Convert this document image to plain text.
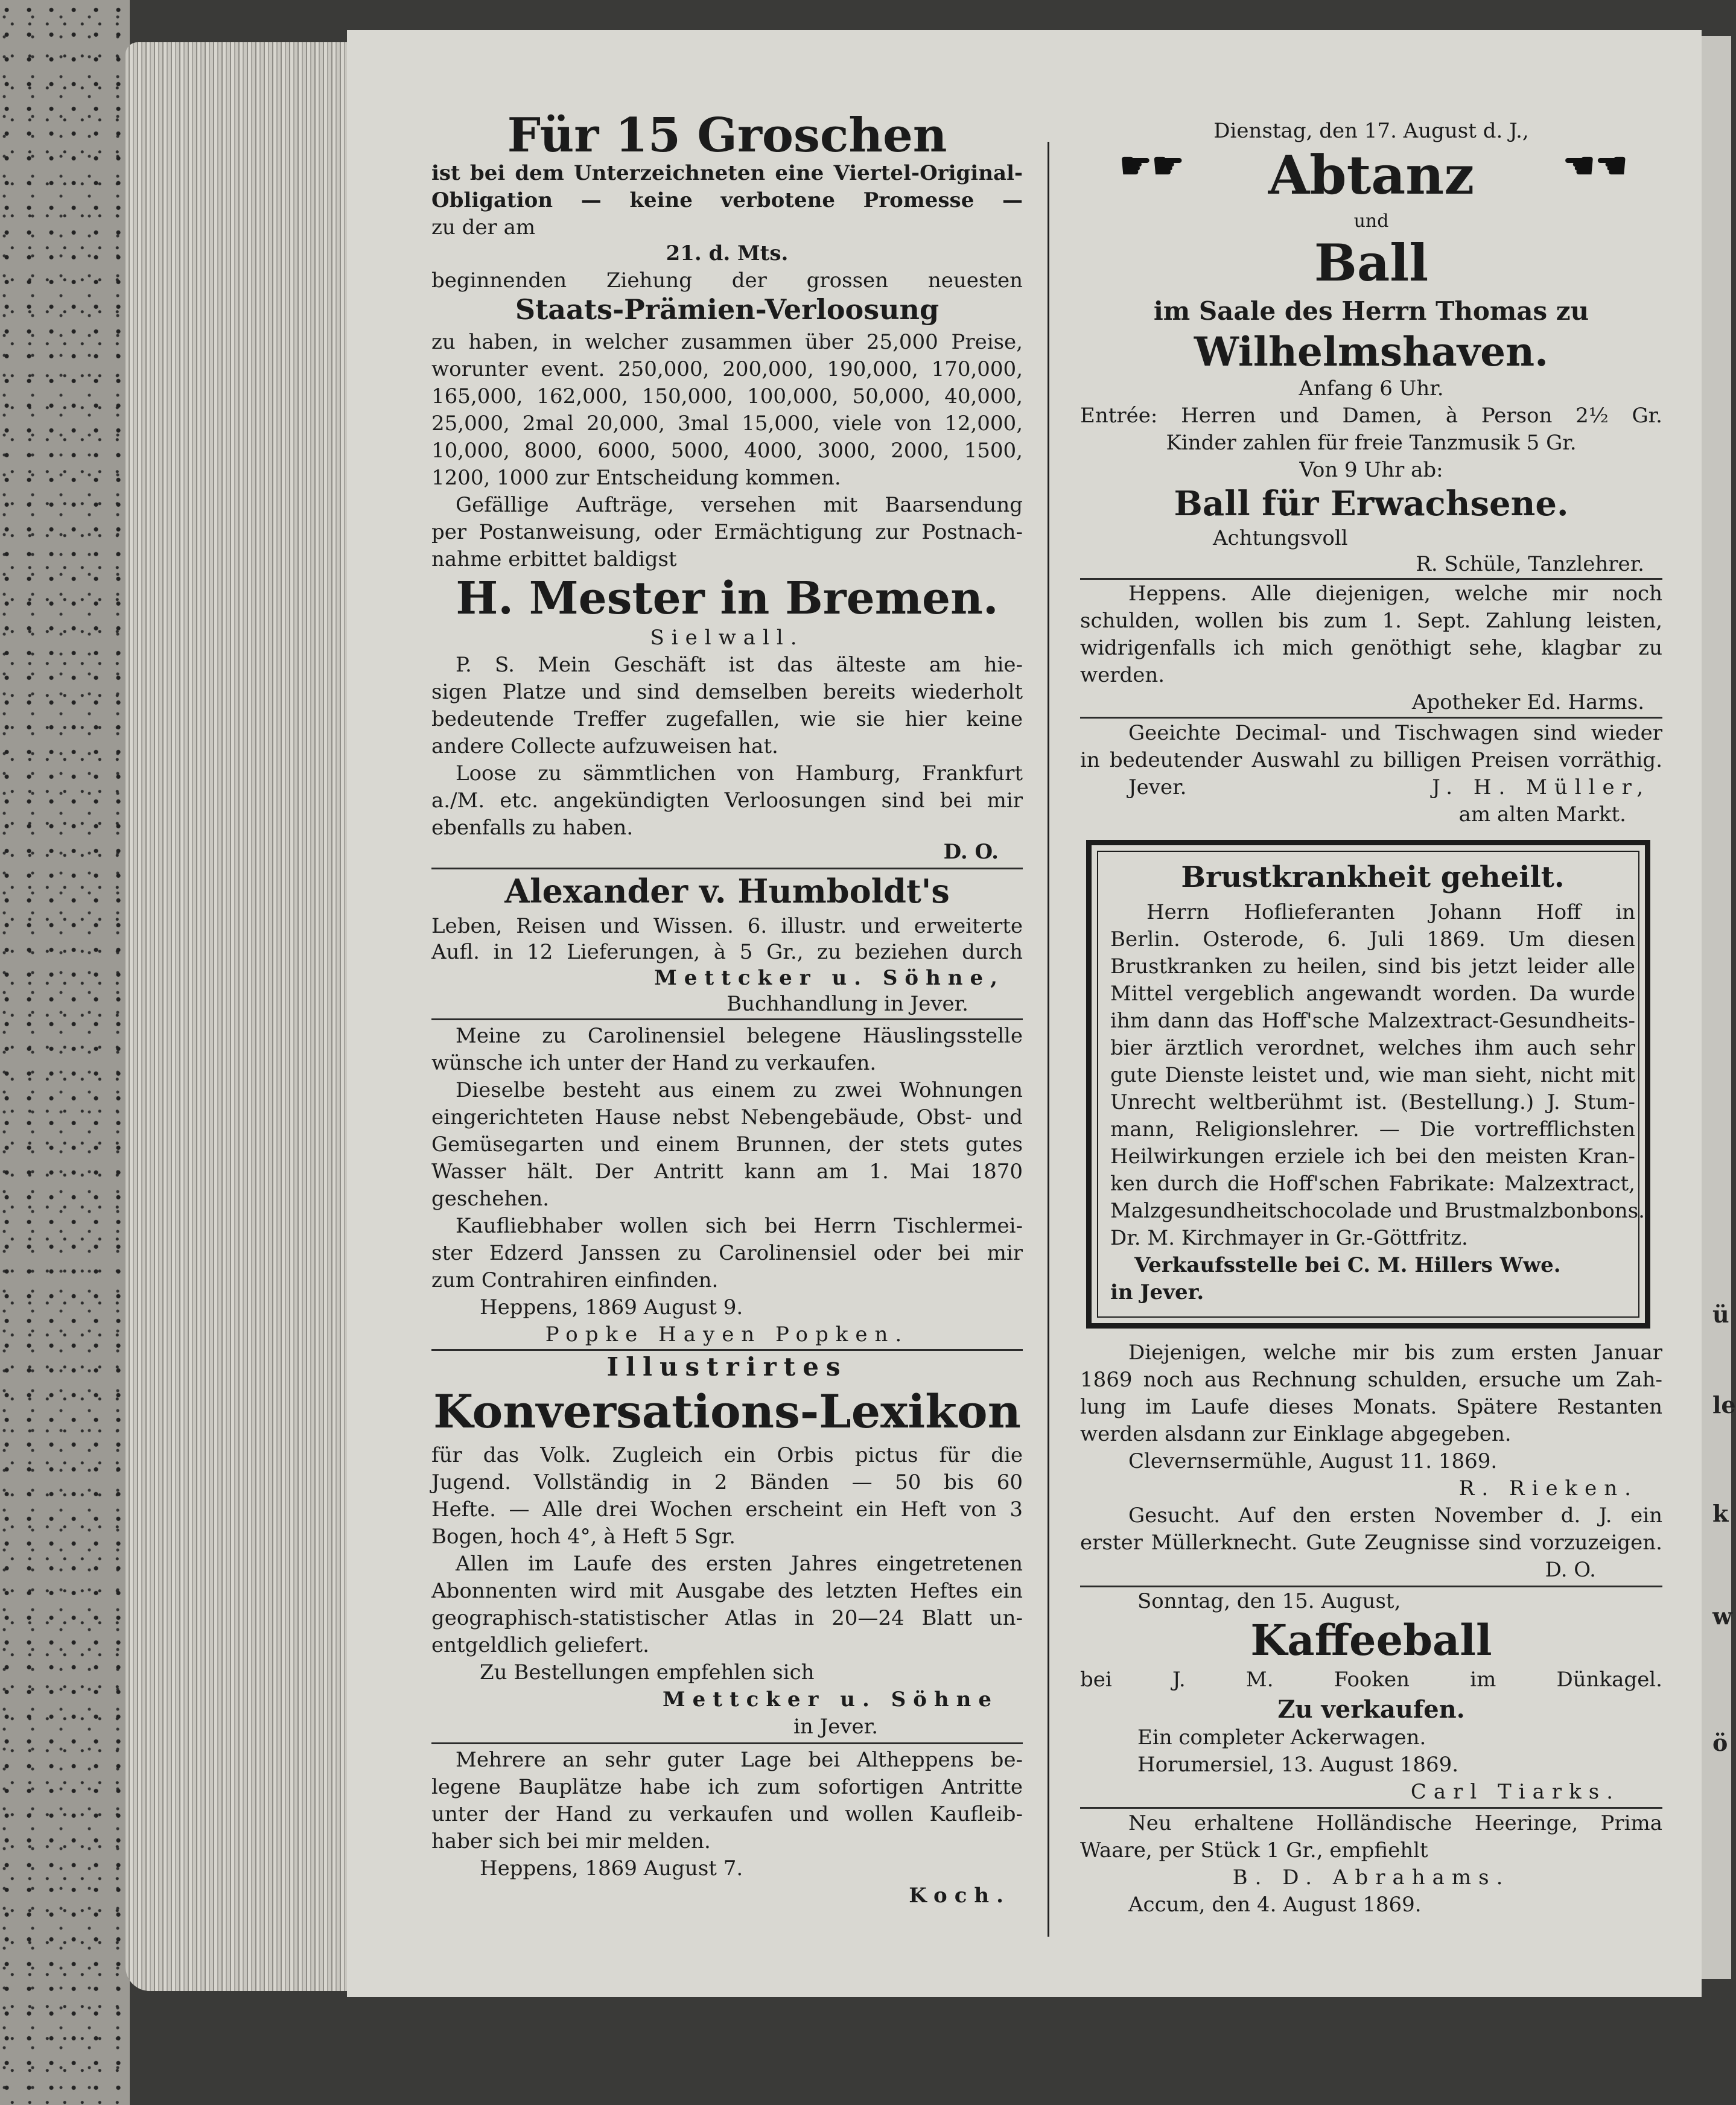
ü
le
k
w
ö
Für 15 Groschen
ist bei dem Unterzeichneten eine Viertel-Original-
Obligation — keine verbotene Promesse —
zu der am
21. d. Mts.
beginnenden Ziehung der grossen neuesten
Staats-Prämien-Verloosung
zu haben, in welcher zusammen über 25,000 Preise,
worunter event. 250,000, 200,000, 190,000, 170,000,
165,000, 162,000, 150,000, 100,000, 50,000, 40,000,
25,000, 2mal 20,000, 3mal 15,000, viele von 12,000,
10,000, 8000, 6000, 5000, 4000, 3000, 2000, 1500,
1200, 1000 zur Entscheidung kommen.
Gefällige Aufträge, versehen mit Baarsendung
per Postanweisung, oder Ermächtigung zur Postnach-
nahme erbittet baldigst
H. Mester in Bremen.
Sielwall.
P. S. Mein Geschäft ist das älteste am hie-
sigen Platze und sind demselben bereits wiederholt
bedeutende Treffer zugefallen, wie sie hier keine
andere Collecte aufzuweisen hat.
Loose zu sämmtlichen von Hamburg, Frankfurt
a./M. etc. angekündigten Verloosungen sind bei mir
ebenfalls zu haben.
D. O.
Alexander v. Humboldt's
Leben, Reisen und Wissen. 6. illustr. und erweiterte
Aufl. in 12 Lieferungen, à 5 Gr., zu beziehen durch
Mettcker u. Söhne,
Buchhandlung in Jever.
Meine zu Carolinensiel belegene Häuslingsstelle
wünsche ich unter der Hand zu verkaufen.
Dieselbe besteht aus einem zu zwei Wohnungen
eingerichteten Hause nebst Nebengebäude, Obst- und
Gemüsegarten und einem Brunnen, der stets gutes
Wasser hält. Der Antritt kann am 1. Mai 1870
geschehen.
Kaufliebhaber wollen sich bei Herrn Tischlermei-
ster Edzerd Janssen zu Carolinensiel oder bei mir
zum Contrahiren einfinden.
Heppens, 1869 August 9.
Popke Hayen Popken.
Illustrirtes
Konversations-Lexikon
für das Volk. Zugleich ein Orbis pictus für die
Jugend. Vollständig in 2 Bänden — 50 bis 60
Hefte. — Alle drei Wochen erscheint ein Heft von 3
Bogen, hoch 4°, à Heft 5 Sgr.
Allen im Laufe des ersten Jahres eingetretenen
Abonnenten wird mit Ausgabe des letzten Heftes ein
geographisch-statistischer Atlas in 20—24 Blatt un-
entgeldlich geliefert.
Zu Bestellungen empfehlen sich
Mettcker u. Söhne
in Jever.
Mehrere an sehr guter Lage bei Altheppens be-
legene Bauplätze habe ich zum sofortigen Antritte
unter der Hand zu verkaufen und wollen Kaufleib-
haber sich bei mir melden.
Heppens, 1869 August 7.
Koch.
Dienstag, den 17. August d. J.,
Abtanz
und
Ball
im Saale des Herrn Thomas zu
Wilhelmshaven.
Anfang 6 Uhr.
Entrée: Herren und Damen, à Person 2½ Gr.
Kinder zahlen für freie Tanzmusik 5 Gr.
Von 9 Uhr ab:
Ball für Erwachsene.
Achtungsvoll
R. Schüle, Tanzlehrer.
☛☛	☚☚
Heppens. Alle diejenigen, welche mir noch
schulden, wollen bis zum 1. Sept. Zahlung leisten,
widrigenfalls ich mich genöthigt sehe, klagbar zu
werden.
Apotheker Ed. Harms.
Geeichte Decimal- und Tischwagen sind wieder
in bedeutender Auswahl zu billigen Preisen vorräthig.
Jever.	J. H. Müller,
am alten Markt.
Brustkrankheit geheilt.
Herrn Hoflieferanten Johann Hoff in
Berlin. Osterode, 6. Juli 1869. Um diesen
Brustkranken zu heilen, sind bis jetzt leider alle
Mittel vergeblich angewandt worden. Da wurde
ihm dann das Hoff'sche Malzextract-Gesundheits-
bier ärztlich verordnet, welches ihm auch sehr
gute Dienste leistet und, wie man sieht, nicht mit
Unrecht weltberühmt ist. (Bestellung.) J. Stum-
mann, Religionslehrer. — Die vortrefflichsten
Heilwirkungen erziele ich bei den meisten Kran-
ken durch die Hoff'schen Fabrikate: Malzextract,
Malzgesundheitschocolade und Brustmalzbonbons.
Dr. M. Kirchmayer in Gr.-Göttfritz.
Verkaufsstelle bei C. M. Hillers Wwe.
in Jever.
Diejenigen, welche mir bis zum ersten Januar
1869 noch aus Rechnung schulden, ersuche um Zah-
lung im Laufe dieses Monats. Spätere Restanten
werden alsdann zur Einklage abgegeben.
Clevernsermühle, August 11. 1869.
R. Rieken.
Gesucht. Auf den ersten November d. J. ein
erster Müllerknecht. Gute Zeugnisse sind vorzuzeigen.
D. O.
Sonntag, den 15. August,
Kaffeeball
bei J. M. Fooken im Dünkagel.
Zu verkaufen.
Ein completer Ackerwagen.
Horumersiel, 13. August 1869.
Carl Tiarks.
Neu erhaltene Holländische Heeringe, Prima
Waare, per Stück 1 Gr., empfiehlt
B. D. Abrahams.
Accum, den 4. August 1869.
